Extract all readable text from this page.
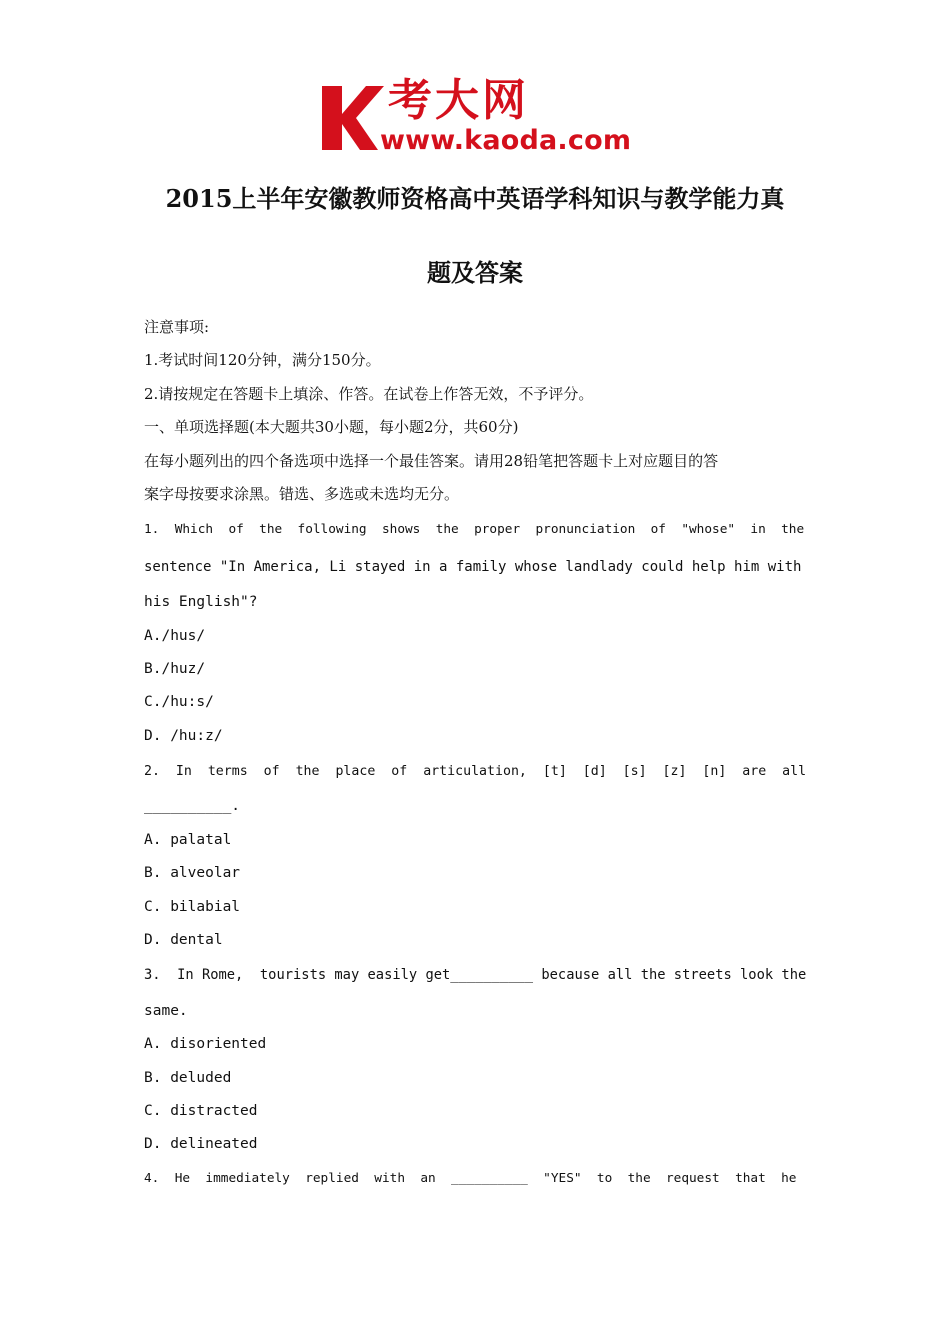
考大网
www.kaoda.com
2015上半年安徽教师资格高中英语学科知识与教学能力真
题及答案
注意事项:
1.考试时间120分钟，满分150分。
2.请按规定在答题卡上填涂、作答。在试卷上作答无效，不予评分。
一、单项选择题(本大题共30小题，每小题2分，共60分)
在每小题列出的四个备选项中选择一个最佳答案。请用28铅笔把答题卡上对应题目的答
案字母按要求涂黑。错选、多选或未选均无分。
1.  Which  of  the  following  shows  the  proper  pronunciation  of  "whose"  in  the
sentence "In America, Li stayed in a family whose landlady could help him with
his English"?
A./hus/
B./huz/
C./hu:s/
D. /hu:z/
2.  In  terms  of  the  place  of  articulation,  [t]  [d]  [s]  [z]  [n]  are  all
__________.
A. palatal
B. alveolar
C. bilabial
D. dental
3.  In Rome,  tourists may easily get__________ because all the streets look the
same.
A. disoriented
B. deluded
C. distracted
D. delineated
4.  He  immediately  replied  with  an  __________  "YES"  to  the  request  that  he
